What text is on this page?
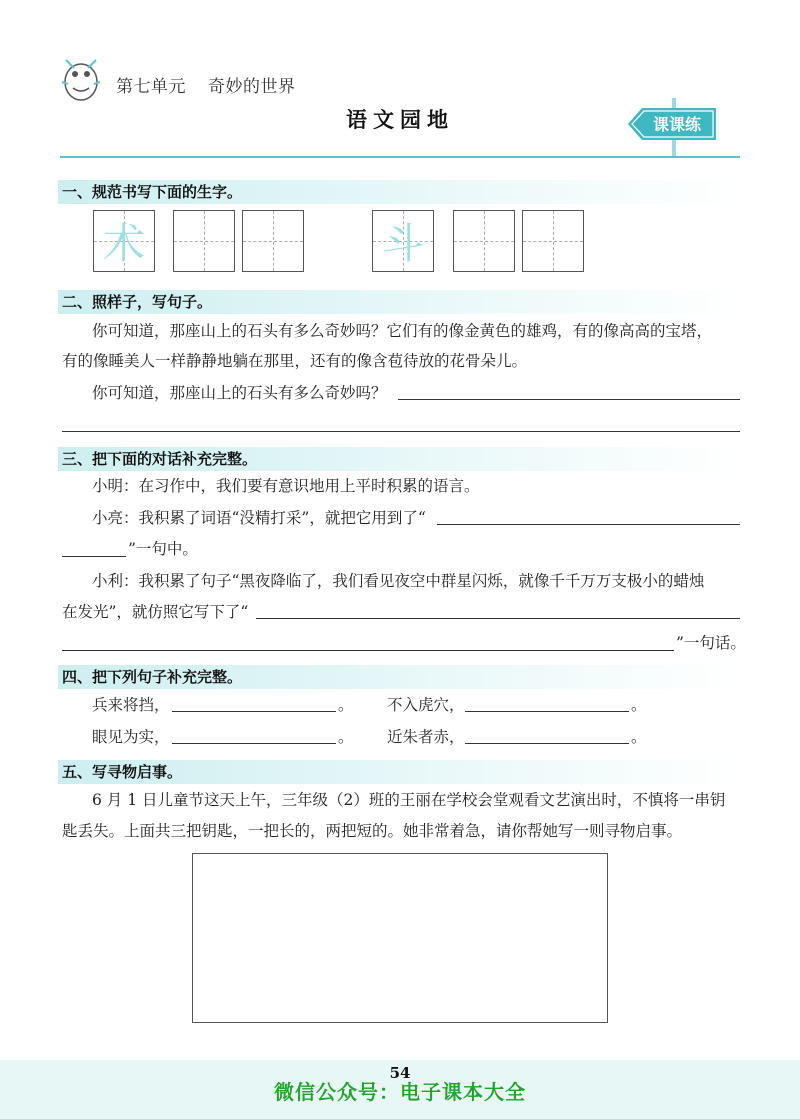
第七单元 奇妙的世界
语文园地	课课练
一、规范书写下面的生字。
术	斗
二、照样子，写句子。
你可知道，那座山上的石头有多么奇妙吗？它们有的像金黄色的雄鸡，有的像高高的宝塔，
有的像睡美人一样静静地躺在那里，还有的像含苞待放的花骨朵儿。
你可知道，那座山上的石头有多么奇妙吗？
三、把下面的对话补充完整。
小明：在习作中，我们要有意识地用上平时积累的语言。
小亮：我积累了词语“没精打采”，就把它用到了“
”一句中。
小利：我积累了句子“黑夜降临了，我们看见夜空中群星闪烁，就像千千万万支极小的蜡烛
在发光”，就仿照它写下了“
”一句话。
四、把下列句子补充完整。
兵来将挡，	。 不入虎穴，	。
眼见为实，	。 近朱者赤，	。
五、写寻物启事。
6 月 1 日儿童节这天上午，三年级（2）班的王丽在学校会堂观看文艺演出时，不慎将一串钥
匙丢失。上面共三把钥匙，一把长的，两把短的。她非常着急，请你帮她写一则寻物启事。
54
微信公众号：电子课本大全
